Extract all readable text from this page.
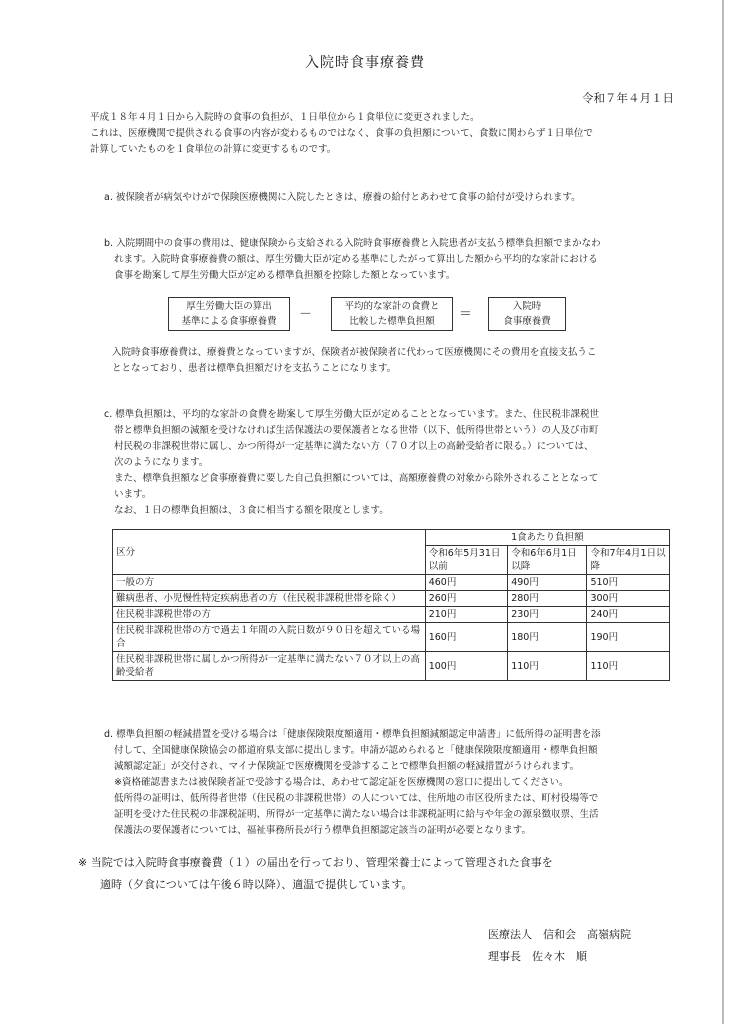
入院時食事療養費
令和７年４月１日
平成１８年４月１日から入院時の食事の負担が、１日単位から１食単位に変更されました。
これは、医療機関で提供される食事の内容が変わるものではなく、食事の負担額について、食数に関わらず１日単位で
計算していたものを１食単位の計算に変更するものです。
a. 被保険者が病気やけがで保険医療機関に入院したときは、療養の給付とあわせて食事の給付が受けられます。
b. 入院期間中の食事の費用は、健康保険から支給される入院時食事療養費と入院患者が支払う標準負担額でまかなわ
れます。入院時食事療養費の額は、厚生労働大臣が定める基準にしたがって算出した額から平均的な家計における
食事を勘案して厚生労働大臣が定める標準負担額を控除した額となっています。
厚生労働大臣の算出
基準による食事療養費	－
平均的な家計の食費と
比較した標準負担額	＝
入院時
食事療養費
入院時食事療養費は、療養費となっていますが、保険者が被保険者に代わって医療機関にその費用を直接支払うこ
ととなっており、患者は標準負担額だけを支払うことになります。
c. 標準負担額は、平均的な家計の食費を勘案して厚生労働大臣が定めることとなっています。また、住民税非課税世
帯と標準負担額の減額を受けなければ生活保護法の要保護者となる世帯（以下、低所得世帯という）の人及び市町
村民税の非課税世帯に属し、かつ所得が一定基準に満たない方（７０才以上の高齢受給者に限る。）については、
次のようになります。
また、標準負担額など食事療養費に要した自己負担額については、高額療養費の対象から除外されることとなって
います。
なお、１日の標準負担額は、３食に相当する額を限度とします。
区分	1食あたり負担額		
	令和6年5月31日以前	令和6年6月1日以降	令和7年4月1日以降
一般の方	460円	490円	510円
難病患者、小児慢性特定疾病患者の方（住民税非課税世帯を除く）	260円	280円	300円
住民税非課税世帯の方	210円	230円	240円
住民税非課税世帯の方で過去１年間の入院日数が９０日を超えている場合	160円	180円	190円
住民税非課税世帯に属しかつ所得が一定基準に満たない７０才以上の高齢受給者	100円	110円	110円
d. 標準負担額の軽減措置を受ける場合は「健康保険限度額適用・標準負担額減額認定申請書」に低所得の証明書を添
付して、全国健康保険協会の都道府県支部に提出します。申請が認められると「健康保険限度額適用・標準負担額
減額認定証」が交付され、マイナ保険証で医療機関を受診することで標準負担額の軽減措置がうけられます。
※資格確認書または被保険者証で受診する場合は、あわせて認定証を医療機関の窓口に提出してください。
低所得の証明は、低所得者世帯（住民税の非課税世帯）の人については、住所地の市区役所または、町村役場等で
証明を受けた住民税の非課税証明、所得が一定基準に満たない場合は非課税証明に給与や年金の源泉徴収票、生活
保護法の要保護者については、福祉事務所長が行う標準負担額認定該当の証明が必要となります。
※ 当院では入院時食事療養費（１）の届出を行っており、管理栄養士によって管理された食事を
適時（夕食については午後６時以降）、適温で提供しています。
医療法人　信和会　高嶺病院
理事長　佐々木　順
